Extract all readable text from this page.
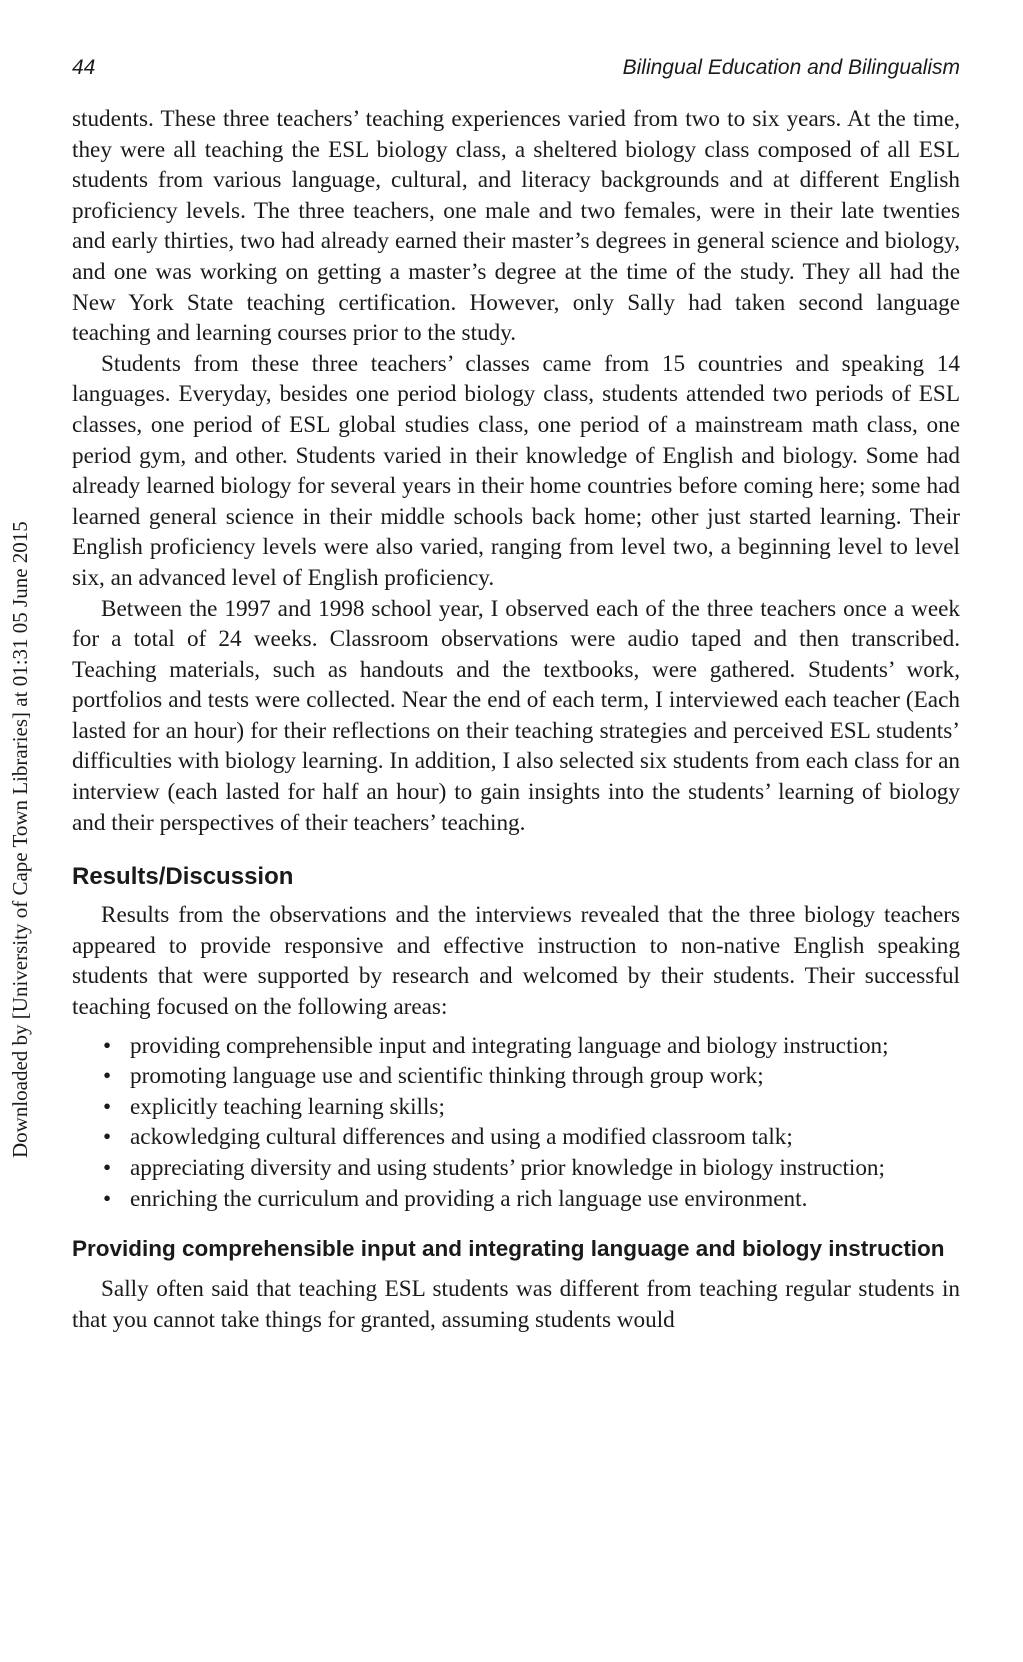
Downloaded by [University of Cape Town Libraries] at 01:31 05 June 2015
44	Bilingual Education and Bilingualism

students. These three teachers’ teaching experiences varied from two to six years. At the time, they were all teaching the ESL biology class, a sheltered biology class composed of all ESL students from various language, cultural, and literacy backgrounds and at different English proficiency levels. The three teachers, one male and two females, were in their late twenties and early thirties, two had already earned their master’s degrees in general science and biology, and one was working on getting a master’s degree at the time of the study. They all had the New York State teaching certification. However, only Sally had taken second language teaching and learning courses prior to the study.

Students from these three teachers’ classes came from 15 countries and speaking 14 languages. Everyday, besides one period biology class, students attended two periods of ESL classes, one period of ESL global studies class, one period of a mainstream math class, one period gym, and other. Students varied in their knowledge of English and biology. Some had already learned biology for several years in their home countries before coming here; some had learned general science in their middle schools back home; other just started learning. Their English proficiency levels were also varied, ranging from level two, a beginning level to level six, an advanced level of English proficiency.

Between the 1997 and 1998 school year, I observed each of the three teachers once a week for a total of 24 weeks. Classroom observations were audio taped and then transcribed. Teaching materials, such as handouts and the textbooks, were gathered. Students’ work, portfolios and tests were collected. Near the end of each term, I interviewed each teacher (Each lasted for an hour) for their reflections on their teaching strategies and perceived ESL students’ difficulties with biology learning. In addition, I also selected six students from each class for an interview (each lasted for half an hour) to gain insights into the students’ learning of biology and their perspectives of their teachers’ teaching.

Results/Discussion

Results from the observations and the interviews revealed that the three biology teachers appeared to provide responsive and effective instruction to non-native English speaking students that were supported by research and welcomed by their students. Their successful teaching focused on the following areas:

• providing comprehensible input and integrating language and biology instruction;
• promoting language use and scientific thinking through group work;
• explicitly teaching learning skills;
• ackowledging cultural differences and using a modified classroom talk;
• appreciating diversity and using students’ prior knowledge in biology instruction;
• enriching the curriculum and providing a rich language use environment.
Providing comprehensible input and integrating language and biology instruction

Sally often said that teaching ESL students was different from teaching regular students in that you cannot take things for granted, assuming students would
